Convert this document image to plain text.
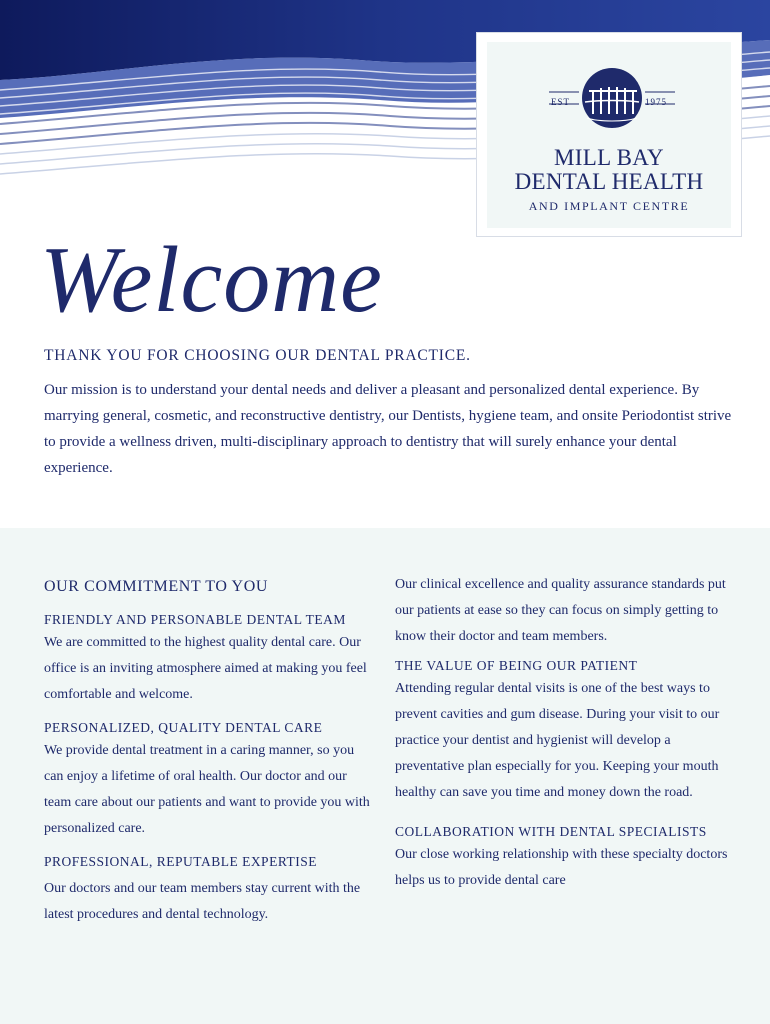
EST	1975
MILL BAY
DENTAL HEALTH
AND IMPLANT CENTRE
Welcome
THANK YOU FOR CHOOSING OUR DENTAL PRACTICE.

Our mission is to understand your dental needs and deliver a pleasant and personalized dental experience. By marrying general, cosmetic, and reconstructive dentistry, our Dentists, hygiene team, and onsite Periodontist strive to provide a wellness driven, multi-disciplinary approach to dentistry that will surely enhance your dental experience.

OUR COMMITMENT TO YOU
FRIENDLY AND PERSONABLE DENTAL TEAM

We are committed to the highest quality dental care. Our office is an inviting atmosphere aimed at making you feel comfortable and welcome.

PERSONALIZED, QUALITY DENTAL CARE

We provide dental treatment in a caring manner, so you can enjoy a lifetime of oral health. Our doctor and our team care about our patients and want to provide you with personalized care.

PROFESSIONAL, REPUTABLE EXPERTISE

Our doctors and our team members stay current with the latest procedures and dental technology.

Our clinical excellence and quality assurance standards put our patients at ease so they can focus on simply getting to know their doctor and team members.

THE VALUE OF BEING OUR PATIENT

Attending regular dental visits is one of the best ways to prevent cavities and gum disease. During your visit to our practice your dentist and hygienist will develop a preventative plan especially for you. Keeping your mouth healthy can save you time and money down the road.

COLLABORATION WITH DENTAL SPECIALISTS

Our close working relationship with these specialty doctors helps us to provide dental care
